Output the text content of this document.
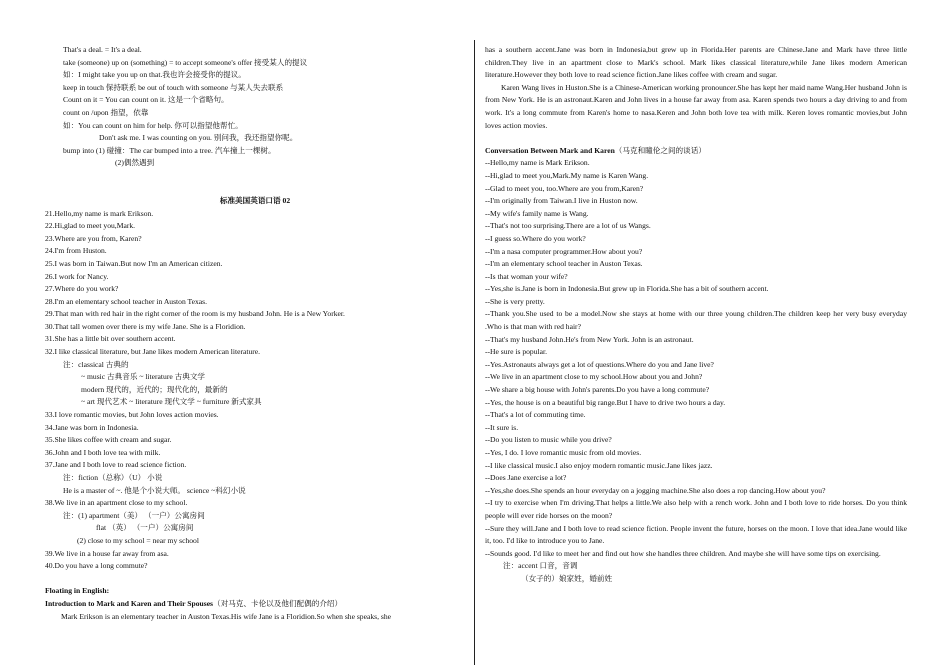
That's a deal. = It's a deal.
take (someone) up on (something) = to accept someone's offer 接受某人的提议
如：I might take you up on that.我也许会接受你的提议。
keep in touch 保持联系 be out of touch with someone 与某人失去联系
Count on it = You can count on it. 这是一个省略句。
count on /upon 指望，依靠
如：You can count on him for help. 你可以指望他帮忙。
Don't ask me. I was counting on you. 别问我，我还指望你呢。
bump into (1) 碰撞：The car bumped into a tree. 汽车撞上一棵树。
(2)偶然遇到
标准美国英语口语 02
21.Hello,my name is mark Erikson.
22.Hi,glad to meet you,Mark.
23.Where are you from, Karen?
24.I'm from Huston.
25.I was born in Taiwan.But now I'm an American citizen.
26.I work for Nancy.
27.Where do you work?
28.I'm an elementary school teacher in Auston Texas.
29.That man with red hair in the right corner of the room is my husband John. He is a New Yorker.
30.That tall women over there is my wife Jane. She is a Floridion.
31.She has a little bit over southern accent.
32.I like classical literature, but Jane likes modern American literature.
注：classical 古典的
~ music 古典音乐 ~ literature 古典文学
modern 现代的，近代的；现代化的，最新的
~ art 现代艺术 ~ literature 现代文学 ~ furniture 新式家具
33.I love romantic movies, but John loves action movies.
34.Jane was born in Indonesia.
35.She likes coffee with cream and sugar.
36.John and I both love tea with milk.
37.Jane and I both love to read science fiction.
注：fiction（总称）（U） 小说
He is a master of ~. 他是个小说大师。 science ~科幻小说
38.We live in an apartment close to my school.
注：(1) apartment（美） （一户）公寓房间
flat （英） （一户）公寓房间
(2) close to my school = near my school
39.We live in a house far away from asa.
40.Do you have a long commute?
Floating in English:
Introduction to Mark and Karen and Their Spouses（对马克、卡伦以及他们配偶的介绍）
Mark Erikson is an elementary teacher in Auston Texas.His wife Jane is a Floridion.So when she speaks, she

has a southern accent.Jane was born in Indonesia,but grew up in Florida.Her parents are Chinese.Jane and Mark have three little children.They live in an apartment close to Mark's school. Mark likes classical literature,while Jane likes modern American literature.However they both love to read science fiction.Jane likes coffee with cream and sugar.

Karen Wang lives in Huston.She is a Chinese-American working pronouncer.She has kept her maid name Wang.Her husband John is from New York. He is an astronaut.Karen and John lives in a house far away from asa. Karen spends two hours a day driving to and from work. It's a long commute from Karen's home to nasa.Keren and John both love tea with milk. Keren loves romantic movies,but John loves action movies.

Conversation Between Mark and Karen（马克和瞳伦之间的谈话）
--Hello,my name is Mark Erikson.
--Hi,glad to meet you,Mark.My name is Karen Wang.
--Glad to meet you, too.Where are you from,Karen?
--I'm originally from Taiwan.I live in Huston now.
--My wife's family name is Wang.
--That's not too surprising.There are a lot of us Wangs.
--I guess so.Where do you work?
--I'm a nasa computer programmer.How about you?
--I'm an elementary school teacher in Auston Texas.
--Is that woman your wife?
--Yes,she is.Jane is born in Indonesia.But grew up in Florida.She has a bit of southern accent.
--She is very pretty.

--Thank you.She used to be a model.Now she stays at home with our three young children.The children keep her very busy everyday .Who is that man with red hair?

--That's my husband John.He's from New York. John is an astronaut.
--He sure is popular.
--Yes.Astronauts always get a lot of questions.Where do you and Jane live?
--We live in an apartment close to my school.How about you and John?
--We share a big house with John's parents.Do you have a long commute?
--Yes, the house is on a beautiful big range.But I have to drive two hours a day.
--That's a lot of commuting time.
--It sure is.
--Do you listen to music while you drive?
--Yes, I do. I love romantic music from old movies.
--I like classical music.I also enjoy modern romantic music.Jane likes jazz.
--Does Jane exercise a lot?
--Yes,she does.She spends an hour everyday on a jogging machine.She also does a rop dancing.How about you?

--I try to exercise when I'm driving.That helps a little.We also help with a rench work. John and I both love to ride horses. Do you think people will ever ride horses on the moon?

--Sure they will.Jane and I both love to read science fiction. People invent the future, horses on the moon. I love that idea.Jane would like it, too. I'd like to introduce you to Jane.

--Sounds good. I'd like to meet her and find out how she handles three children. And maybe she will have some tips on exercising.

注：accent 口音，音调
（女子的）娘家姓，婚前姓
